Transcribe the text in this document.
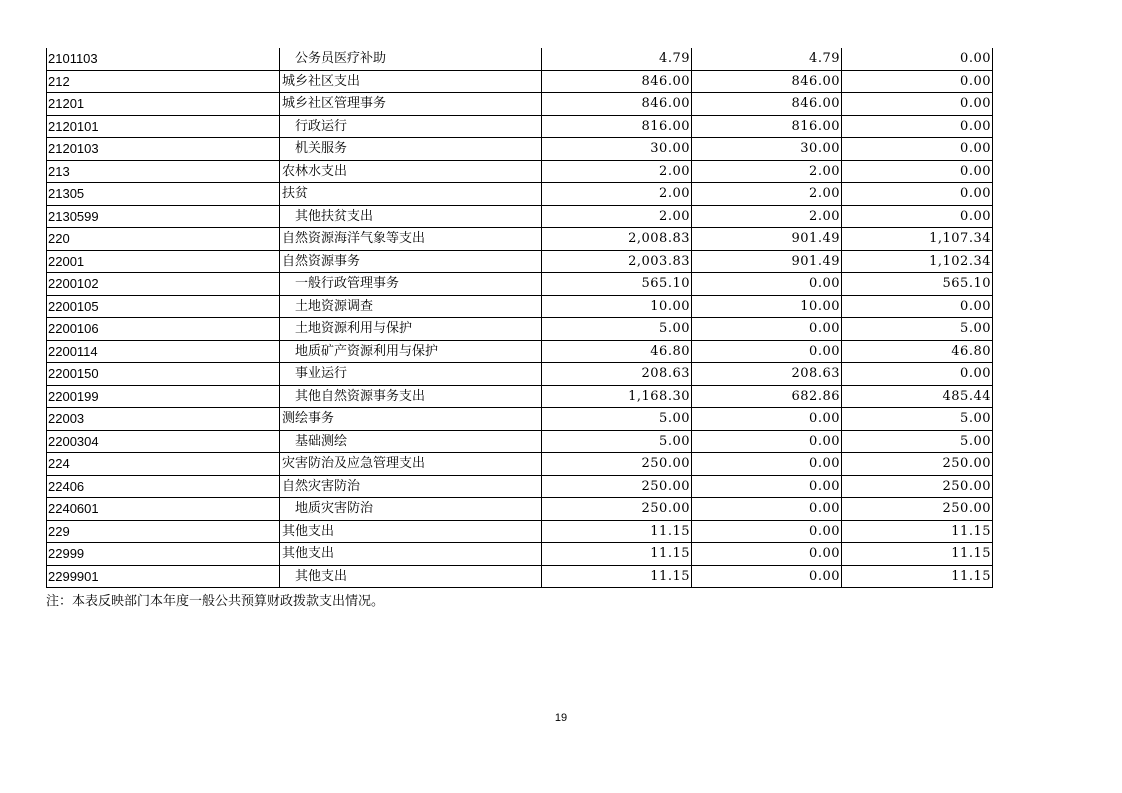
2101103	公务员医疗补助	4.79	4.79	0.00
212	城乡社区支出	846.00	846.00	0.00
21201	城乡社区管理事务	846.00	846.00	0.00
2120101	行政运行	816.00	816.00	0.00
2120103	机关服务	30.00	30.00	0.00
213	农林水支出	2.00	2.00	0.00
21305	扶贫	2.00	2.00	0.00
2130599	其他扶贫支出	2.00	2.00	0.00
220	自然资源海洋气象等支出	2,008.83	901.49	1,107.34
22001	自然资源事务	2,003.83	901.49	1,102.34
2200102	一般行政管理事务	565.10	0.00	565.10
2200105	土地资源调查	10.00	10.00	0.00
2200106	土地资源利用与保护	5.00	0.00	5.00
2200114	地质矿产资源利用与保护	46.80	0.00	46.80
2200150	事业运行	208.63	208.63	0.00
2200199	其他自然资源事务支出	1,168.30	682.86	485.44
22003	测绘事务	5.00	0.00	5.00
2200304	基础测绘	5.00	0.00	5.00
224	灾害防治及应急管理支出	250.00	0.00	250.00
22406	自然灾害防治	250.00	0.00	250.00
2240601	地质灾害防治	250.00	0.00	250.00
229	其他支出	11.15	0.00	11.15
22999	其他支出	11.15	0.00	11.15
2299901	其他支出	11.15	0.00	11.15
注：本表反映部门本年度一般公共预算财政拨款支出情况。
19
